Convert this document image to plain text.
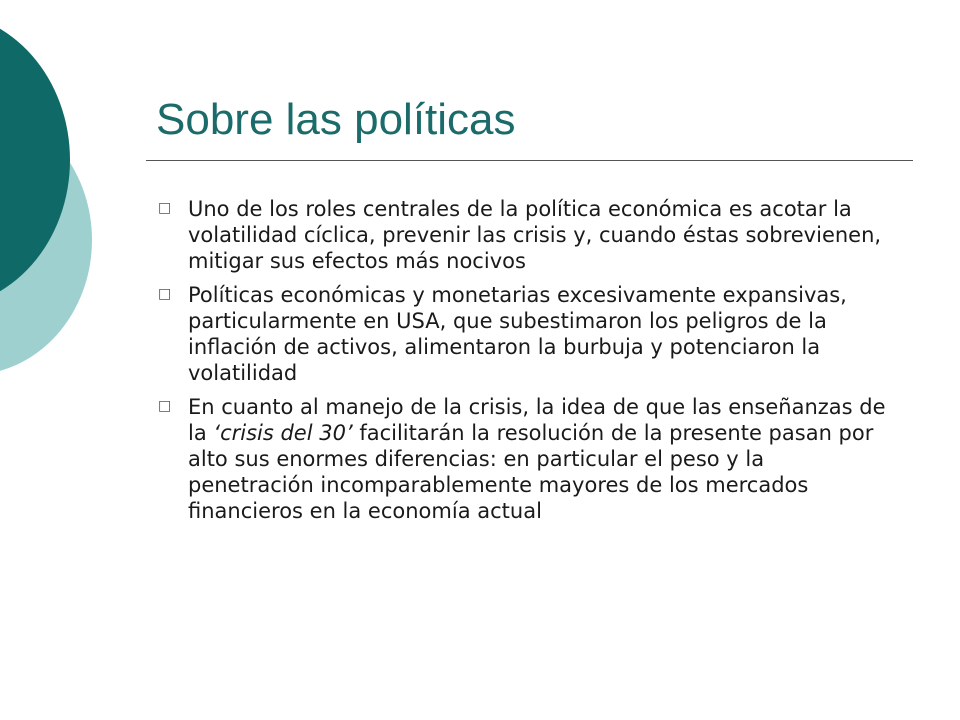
Sobre las políticas
□ Uno de los roles centrales de la política económica es acotar la volatilidad cíclica, prevenir las crisis y, cuando éstas sobrevienen, mitigar sus efectos más nocivos
□ Políticas económicas y monetarias excesivamente expansivas, particularmente en USA, que subestimaron los peligros de la inflación de activos, alimentaron la burbuja y potenciaron la volatilidad
□ En cuanto al manejo de la crisis, la idea de que las enseñanzas de la ‘crisis del 30’ facilitarán la resolución de la presente pasan por alto sus enormes diferencias: en particular el peso y la penetración incomparablemente mayores de los mercados financieros en la economía actual
